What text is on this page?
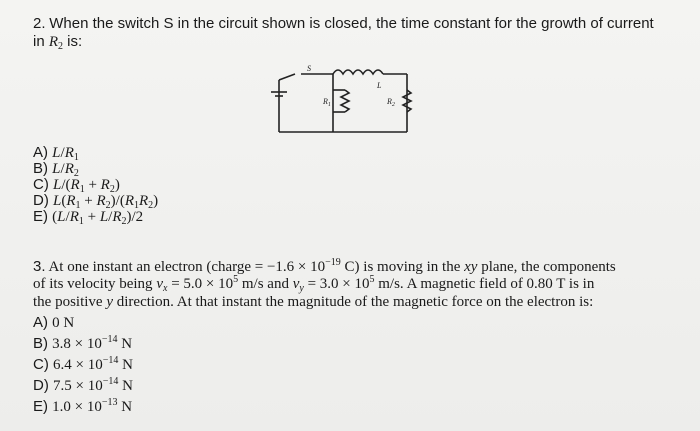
2. When the switch S in the circuit shown is closed, the time constant for the growth of current
in $R_2$ is:
S
L
$R_1$	$R_2$
A) $L/R_1$
B) $L/R_2$
C) $L/(R_1 + R_2)$
D) $L(R_1 + R_2)/(R_1R_2)$
E) $(L/R_1 + L/R_2)/2$
3. At one instant an electron (charge = $-1.6 \times 10^{-19}$ C) is moving in the xy plane, the components
of its velocity being $v_x = 5.0 \times 10^5$ m/s and $v_y = 3.0 \times 10^5$ m/s. A magnetic field of 0.80 T is in
the positive y direction. At that instant the magnitude of the magnetic force on the electron is:
A) 0 N
B) $3.8 \times 10^{-14}$ N
C) $6.4 \times 10^{-14}$ N
D) $7.5 \times 10^{-14}$ N
E) $1.0 \times 10^{-13}$ N
